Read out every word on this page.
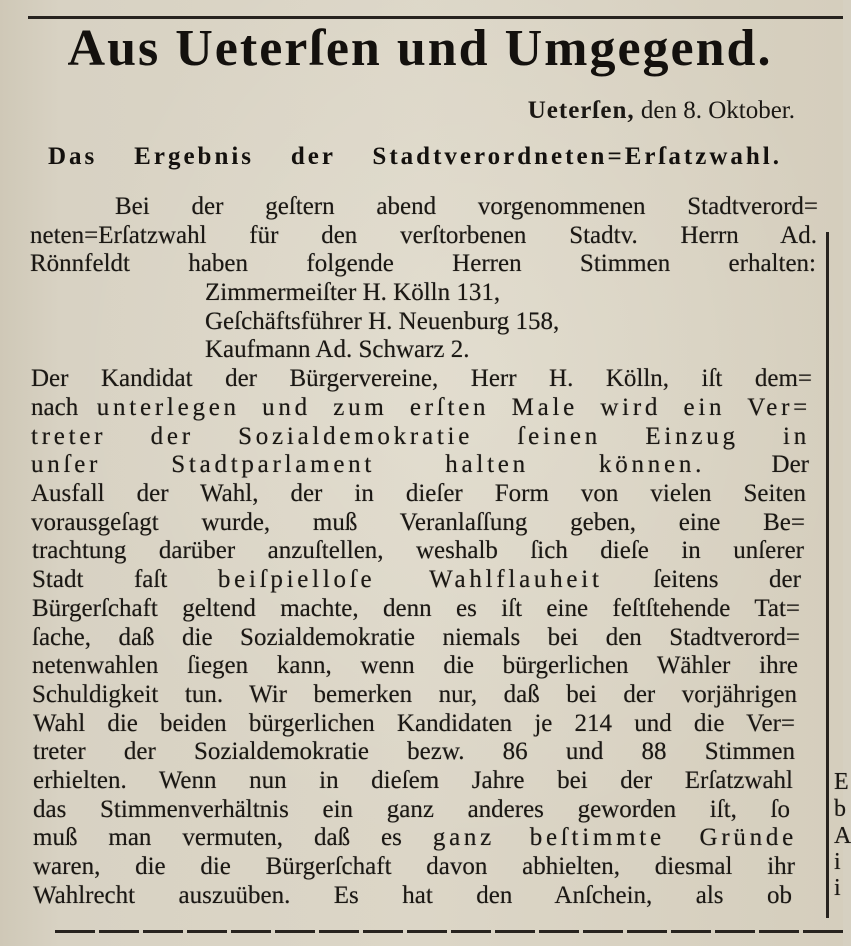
Aus Ueterſen und Umgegend.
Ueterſen, den 8. Oktober.
Das Ergebnis der Stadtverordneten=Erſatzwahl.
Bei der geſtern abend vorgenommenen Stadtverord=
neten=Erſatzwahl für den verſtorbenen Stadtv. Herrn Ad.
Rönnfeldt haben folgende Herren Stimmen erhalten:
Zimmermeiſter H. Kölln 131,
Geſchäftsführer H. Neuenburg 158,
Kaufmann Ad. Schwarz 2.
Der Kandidat der Bürgervereine, Herr H. Kölln, iſt dem=
nach unterlegen und zum erſten Male wird ein Ver=
treter der Sozialdemokratie ſeinen Einzug in
unſer Stadtparlament halten können. Der
Ausfall der Wahl, der in dieſer Form von vielen Seiten
vorausgeſagt wurde, muß Veranlaſſung geben, eine Be=
trachtung darüber anzuſtellen, weshalb ſich dieſe in unſerer
Stadt faſt beiſpielloſe Wahlflauheit ſeitens der
Bürgerſchaft geltend machte, denn es iſt eine feſtſtehende Tat=
ſache, daß die Sozialdemokratie niemals bei den Stadtverord=
netenwahlen ſiegen kann, wenn die bürgerlichen Wähler ihre
Schuldigkeit tun. Wir bemerken nur, daß bei der vorjährigen
Wahl die beiden bürgerlichen Kandidaten je 214 und die Ver=
treter der Sozialdemokratie bezw. 86 und 88 Stimmen
erhielten. Wenn nun in dieſem Jahre bei der Erſatzwahl
das Stimmenverhältnis ein ganz anderes geworden iſt, ſo
muß man vermuten, daß es ganz beſtimmte Gründe
waren, die die Bürgerſchaft davon abhielten, diesmal ihr
Wahlrecht auszuüben. Es hat den Anſchein, als ob
E
b
A
i
i
